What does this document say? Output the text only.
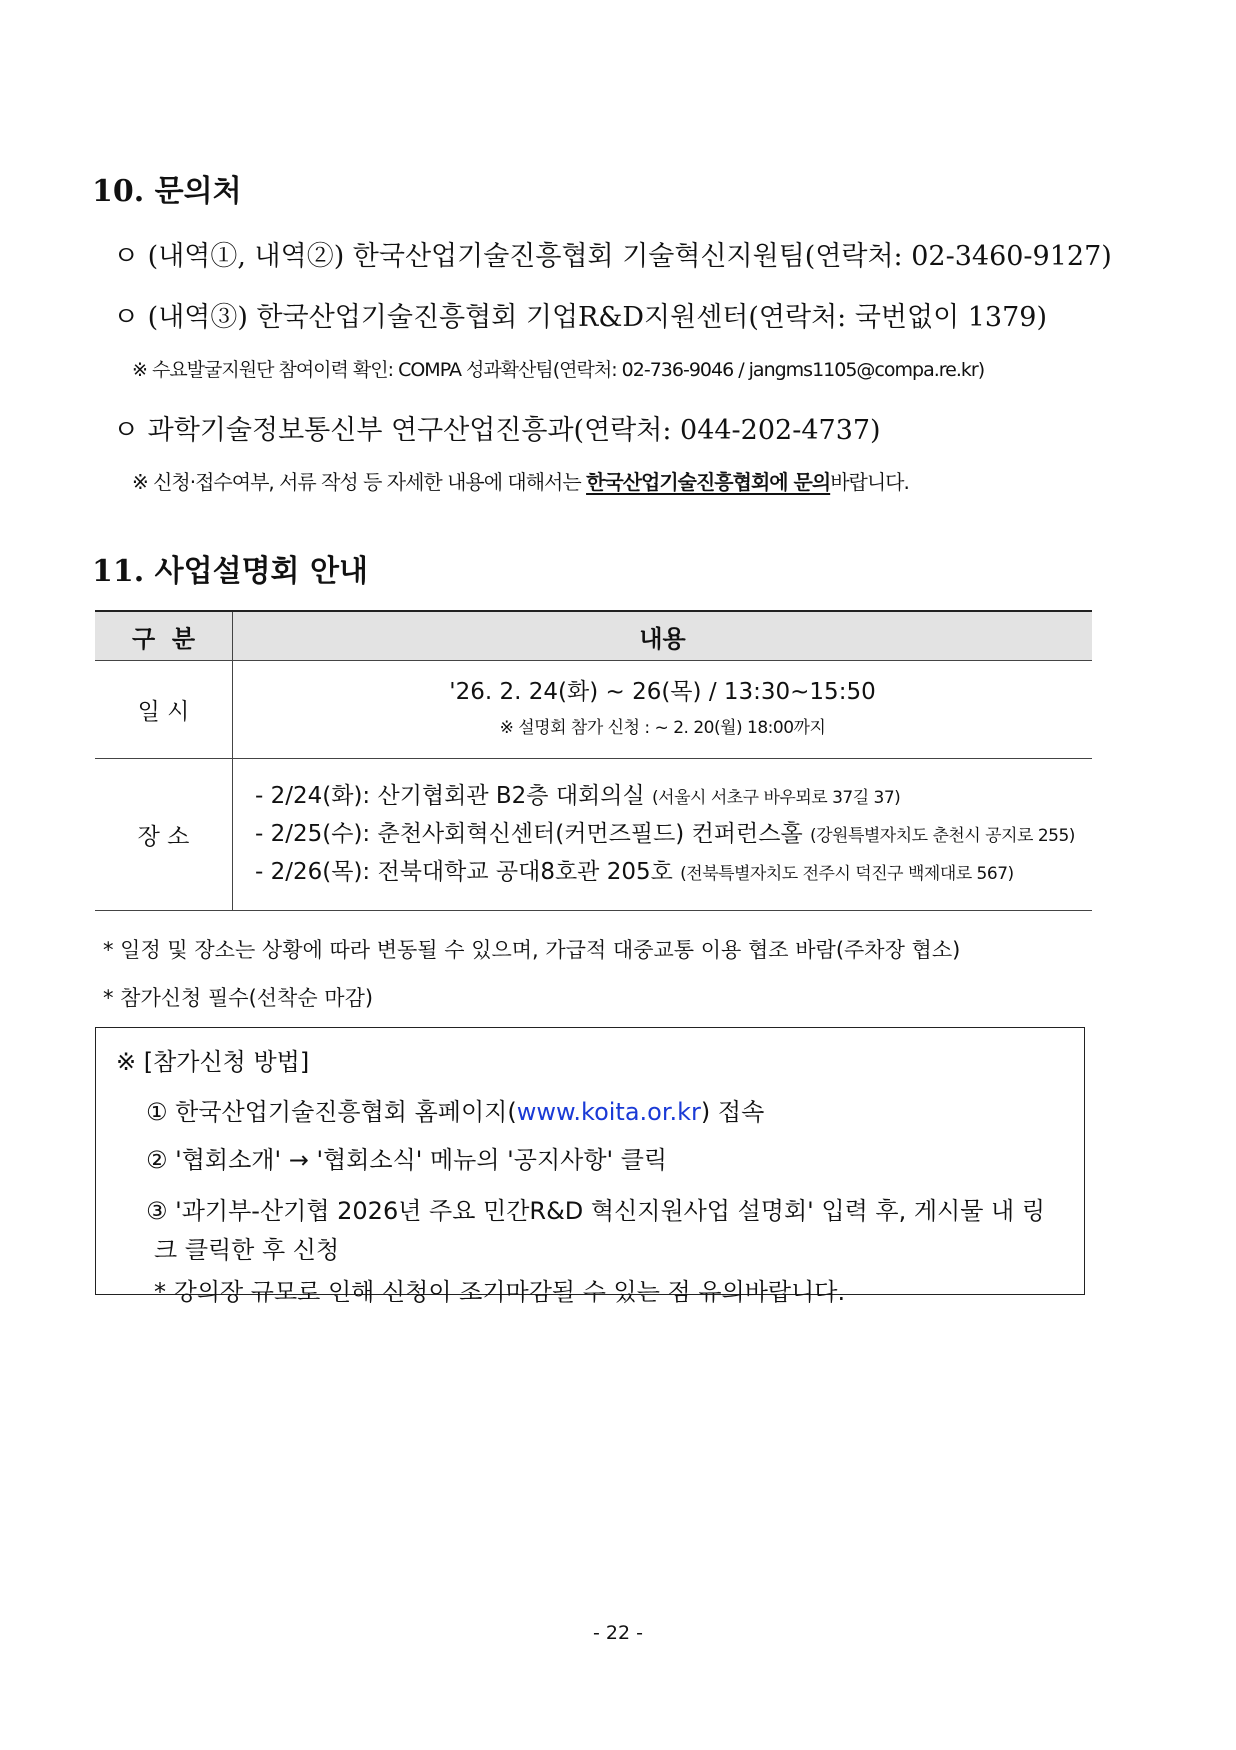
10. 문의처
ㅇ (내역①, 내역②) 한국산업기술진흥협회 기술혁신지원팀(연락처: 02-3460-9127)
ㅇ (내역③) 한국산업기술진흥협회 기업R&D지원센터(연락처: 국번없이 1379)
※ 수요발굴지원단 참여이력 확인: COMPA 성과확산팀(연락처: 02-736-9046 / jangms1105@compa.re.kr)
ㅇ 과학기술정보통신부 연구산업진흥과(연락처: 044-202-4737)
※ 신청·접수여부, 서류 작성 등 자세한 내용에 대해서는 한국산업기술진흥협회에 문의바랍니다.
11. 사업설명회 안내
구  분	내용
일 시	'26. 2. 24(화) ~ 26(목) / 13:30~15:50
※ 설명회 참가 신청 : ~ 2. 20(월) 18:00까지

장 소	- 2/24(화): 산기협회관 B2층 대회의실 (서울시 서초구 바우뫼로 37길 37)
- 2/25(수): 춘천사회혁신센터(커먼즈필드) 컨퍼런스홀 (강원특별자치도 춘천시 공지로 255)
- 2/26(목): 전북대학교 공대8호관 205호 (전북특별자치도 전주시 덕진구 백제대로 567)
* 일정 및 장소는 상황에 따라 변동될 수 있으며, 가급적 대중교통 이용 협조 바람(주차장 협소)
* 참가신청 필수(선착순 마감)
※ [참가신청 방법]
① 한국산업기술진흥협회 홈페이지(www.koita.or.kr) 접속
② '협회소개' → '협회소식' 메뉴의 '공지사항' 클릭
③ '과기부-산기협 2026년 주요 민간R&D 혁신지원사업 설명회' 입력 후, 게시물 내 링
크 클릭한 후 신청
* 강의장 규모로 인해 신청이 조기마감될 수 있는 점 유의바랍니다.
- 22 -
